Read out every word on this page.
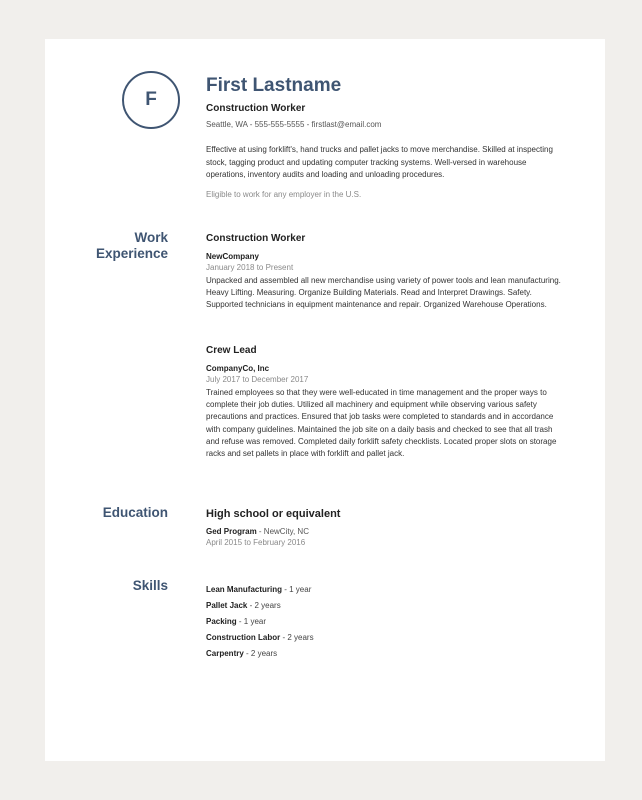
F
First Lastname
Construction Worker
Seattle, WA - 555-555-5555 - firstlast@email.com
Effective at using forklift's, hand trucks and pallet jacks to move merchandise. Skilled at inspecting stock, tagging product and updating computer tracking systems. Well-versed in warehouse operations, inventory audits and loading and unloading procedures.
Eligible to work for any employer in the U.S.
Work
Experience
Construction Worker
NewCompany
January 2018 to Present
Unpacked and assembled all new merchandise using variety of power tools and lean manufacturing. Heavy Lifting. Measuring. Organize Building Materials. Read and Interpret Drawings. Safety. Supported technicians in equipment maintenance and repair. Organized Warehouse Operations.
Crew Lead
CompanyCo, Inc
July 2017 to December 2017
Trained employees so that they were well-educated in time management and the proper ways to complete their job duties. Utilized all machinery and equipment while observing various safety precautions and practices. Ensured that job tasks were completed to standards and in accordance with company guidelines. Maintained the job site on a daily basis and checked to see that all trash and refuse was removed. Completed daily forklift safety checklists. Located proper slots on storage racks and set pallets in place with forklift and pallet jack.
Education	High school or equivalent
Ged Program - NewCity, NC
April 2015 to February 2016
Skills	Lean Manufacturing - 1 year
Pallet Jack - 2 years
Packing - 1 year
Construction Labor - 2 years
Carpentry - 2 years
